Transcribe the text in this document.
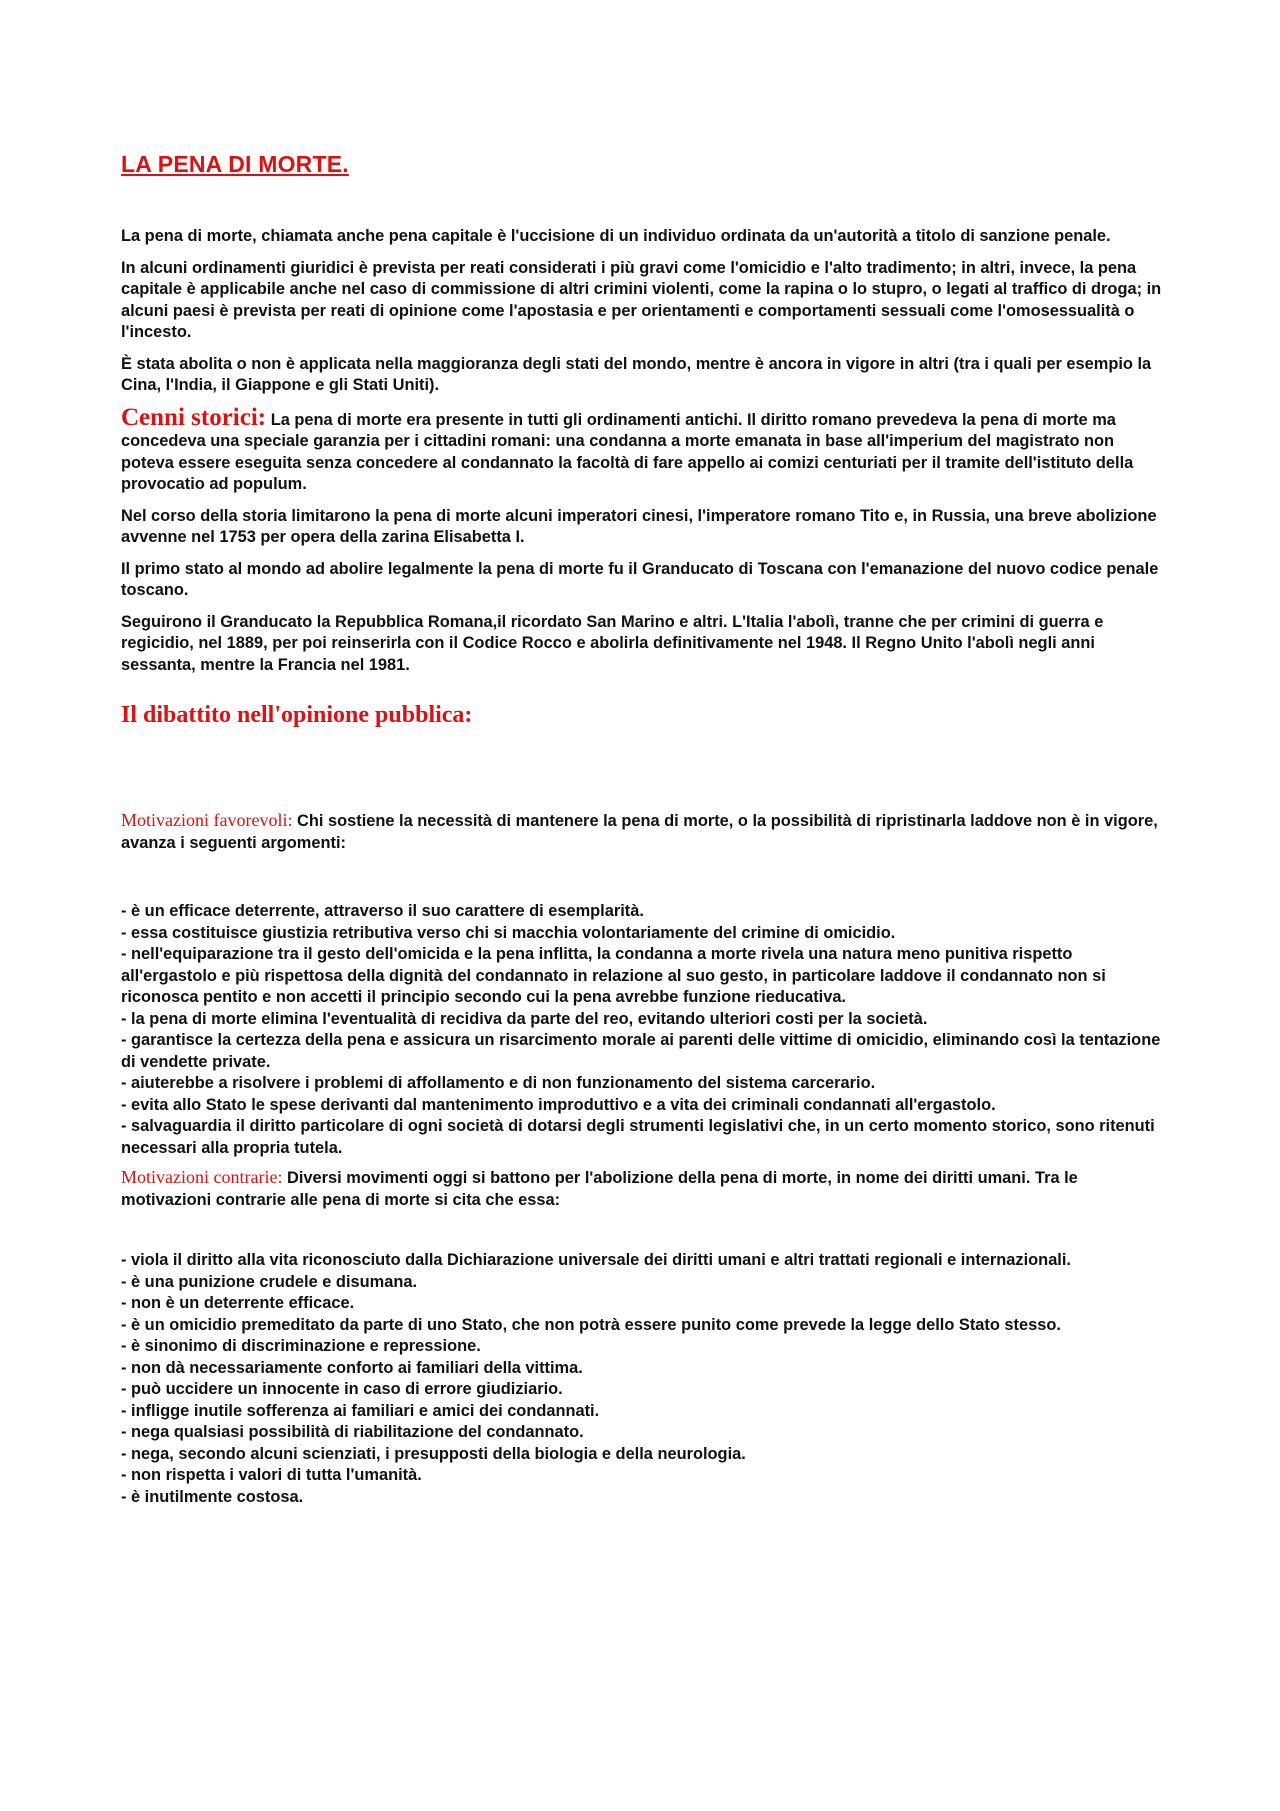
LA PENA DI MORTE.

La pena di morte, chiamata anche pena capitale è l'uccisione di un individuo ordinata da un'autorità a titolo di sanzione penale.

In alcuni ordinamenti giuridici è prevista per reati considerati i più gravi come l'omicidio e l'alto tradimento; in altri, invece, la pena capitale è applicabile anche nel caso di commissione di altri crimini violenti, come la rapina o lo stupro, o legati al traffico di droga; in alcuni paesi è prevista per reati di opinione come l'apostasia e per orientamenti e comportamenti sessuali come l'omosessualità o l'incesto.

È stata abolita o non è applicata nella maggioranza degli stati del mondo, mentre è ancora in vigore in altri (tra i quali per esempio la Cina, l'India, il Giappone e gli Stati Uniti).

Cenni storici: La pena di morte era presente in tutti gli ordinamenti antichi. Il diritto romano prevedeva la pena di morte ma concedeva una speciale garanzia per i cittadini romani: una condanna a morte emanata in base all'imperium del magistrato non poteva essere eseguita senza concedere al condannato la facoltà di fare appello ai comizi centuriati per il tramite dell'istituto della provocatio ad populum.

Nel corso della storia limitarono la pena di morte alcuni imperatori cinesi, l'imperatore romano Tito e, in Russia, una breve abolizione avvenne nel 1753 per opera della zarina Elisabetta I.

Il primo stato al mondo ad abolire legalmente la pena di morte fu il Granducato di Toscana con l'emanazione del nuovo codice penale toscano.

Seguirono il Granducato la Repubblica Romana,il ricordato San Marino e altri. L'Italia l'abolì, tranne che per crimini di guerra e regicidio, nel 1889, per poi reinserirla con il Codice Rocco e abolirla definitivamente nel 1948. Il Regno Unito l'abolì negli anni sessanta, mentre la Francia nel 1981.

Il dibattito nell'opinione pubblica:

Motivazioni favorevoli: Chi sostiene la necessità di mantenere la pena di morte, o la possibilità di ripristinarla laddove non è in vigore, avanza i seguenti argomenti:

- è un efficace deterrente, attraverso il suo carattere di esemplarità.
- essa costituisce giustizia retributiva verso chi si macchia volontariamente del crimine di omicidio.
- nell'equiparazione tra il gesto dell'omicida e la pena inflitta, la condanna a morte rivela una natura meno punitiva rispetto all'ergastolo e più rispettosa della dignità del condannato in relazione al suo gesto, in particolare laddove il condannato non si riconosca pentito e non accetti il principio secondo cui la pena avrebbe funzione rieducativa.
- la pena di morte elimina l'eventualità di recidiva da parte del reo, evitando ulteriori costi per la società.
- garantisce la certezza della pena e assicura un risarcimento morale ai parenti delle vittime di omicidio, eliminando così la tentazione di vendette private.
- aiuterebbe a risolvere i problemi di affollamento e di non funzionamento del sistema carcerario.
- evita allo Stato le spese derivanti dal mantenimento improduttivo e a vita dei criminali condannati all'ergastolo.
- salvaguardia il diritto particolare di ogni società di dotarsi degli strumenti legislativi che, in un certo momento storico, sono ritenuti necessari alla propria tutela.

Motivazioni contrarie: Diversi movimenti oggi si battono per l'abolizione della pena di morte, in nome dei diritti umani. Tra le motivazioni contrarie alle pena di morte si cita che essa:

- viola il diritto alla vita riconosciuto dalla Dichiarazione universale dei diritti umani e altri trattati regionali e internazionali.
- è una punizione crudele e disumana.
- non è un deterrente efficace.
- è un omicidio premeditato da parte di uno Stato, che non potrà essere punito come prevede la legge dello Stato stesso.
- è sinonimo di discriminazione e repressione.
- non dà necessariamente conforto ai familiari della vittima.
- può uccidere un innocente in caso di errore giudiziario.
- infligge inutile sofferenza ai familiari e amici dei condannati.
- nega qualsiasi possibilità di riabilitazione del condannato.
- nega, secondo alcuni scienziati, i presupposti della biologia e della neurologia.
- non rispetta i valori di tutta l'umanità.
- è inutilmente costosa.
